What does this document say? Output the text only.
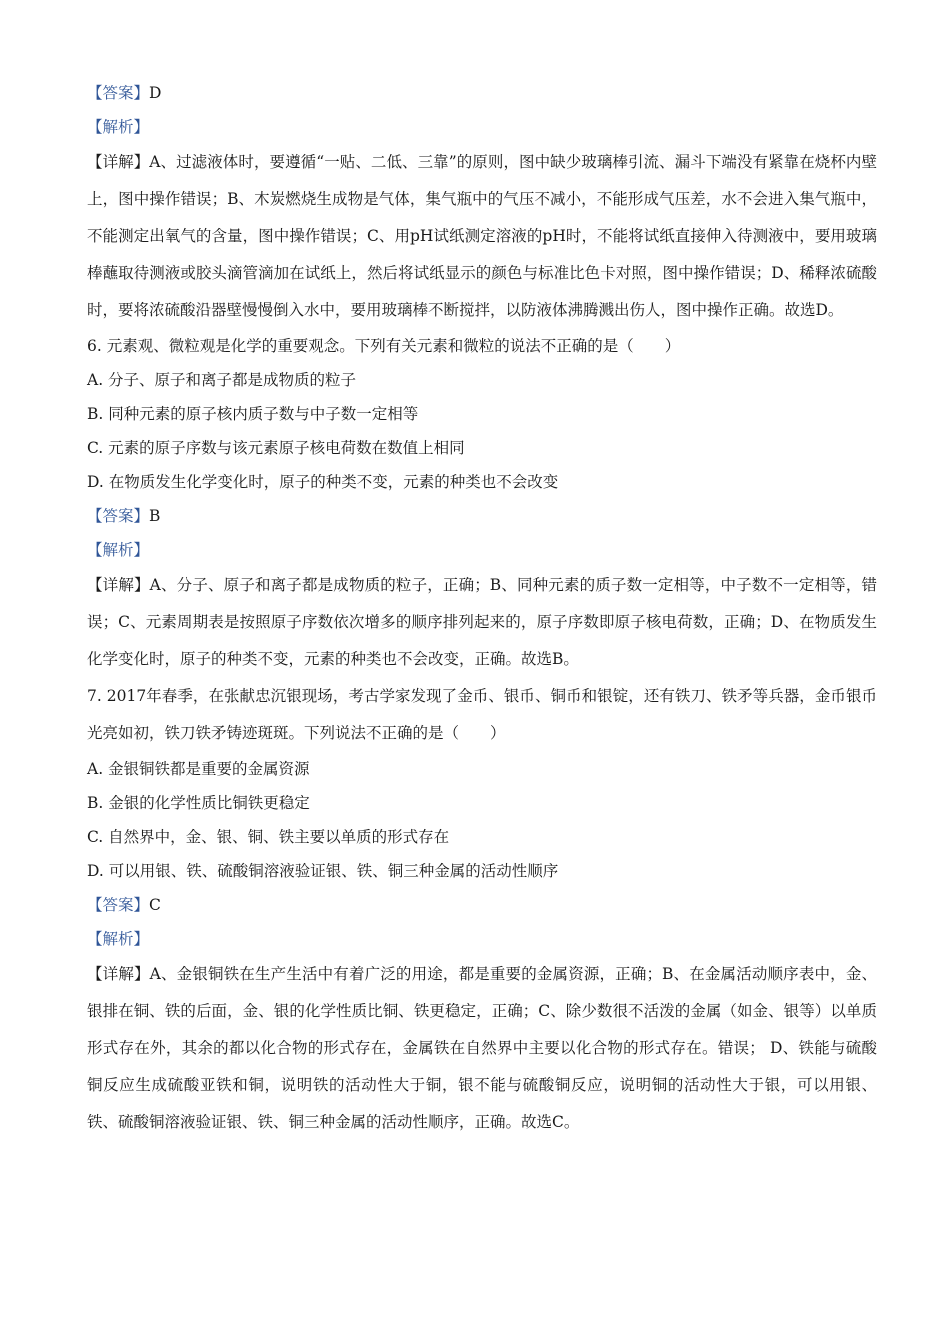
【答案】D
【解析】

【详解】A、过滤液体时，要遵循“一贴、二低、三靠”的原则，图中缺少玻璃棒引流、漏斗下端没有紧靠在烧杯内壁上，图中操作错误；B、木炭燃烧生成物是气体，集气瓶中的气压不减小，不能形成气压差，水不会进入集气瓶中，不能测定出氧气的含量，图中操作错误；C、用pH试纸测定溶液的pH时，不能将试纸直接伸入待测液中，要用玻璃棒蘸取待测液或胶头滴管滴加在试纸上，然后将试纸显示的颜色与标准比色卡对照，图中操作错误；D、稀释浓硫酸时，要将浓硫酸沿器壁慢慢倒入水中，要用玻璃棒不断搅拌，以防液体沸腾溅出伤人，图中操作正确。故选D。

6. 元素观、微粒观是化学的重要观念。下列有关元素和微粒的说法不正确的是（　　）
A. 分子、原子和离子都是成物质的粒子
B. 同种元素的原子核内质子数与中子数一定相等
C. 元素的原子序数与该元素原子核电荷数在数值上相同
D. 在物质发生化学变化时，原子的种类不变，元素的种类也不会改变
【答案】B
【解析】

【详解】A、分子、原子和离子都是成物质的粒子，正确；B、同种元素的质子数一定相等，中子数不一定相等，错误；C、元素周期表是按照原子序数依次增多的顺序排列起来的，原子序数即原子核电荷数，正确；D、在物质发生化学变化时，原子的种类不变，元素的种类也不会改变，正确。故选B。

7. 2017年春季，在张献忠沉银现场，考古学家发现了金币、银币、铜币和银锭，还有铁刀、铁矛等兵器，金币银币光亮如初，铁刀铁矛铸迹斑斑。下列说法不正确的是（　　）

A. 金银铜铁都是重要的金属资源
B. 金银的化学性质比铜铁更稳定
C. 自然界中，金、银、铜、铁主要以单质的形式存在
D. 可以用银、铁、硫酸铜溶液验证银、铁、铜三种金属的活动性顺序
【答案】C
【解析】

【详解】A、金银铜铁在生产生活中有着广泛的用途，都是重要的金属资源，正确；B、在金属活动顺序表中，金、银排在铜、铁的后面，金、银的化学性质比铜、铁更稳定，正确；C、除少数很不活泼的金属（如金、银等）以单质形式存在外，其余的都以化合物的形式存在，金属铁在自然界中主要以化合物的形式存在。错误； D、铁能与硫酸铜反应生成硫酸亚铁和铜，说明铁的活动性大于铜，银不能与硫酸铜反应，说明铜的活动性大于银，可以用银、铁、硫酸铜溶液验证银、铁、铜三种金属的活动性顺序，正确。故选C。
